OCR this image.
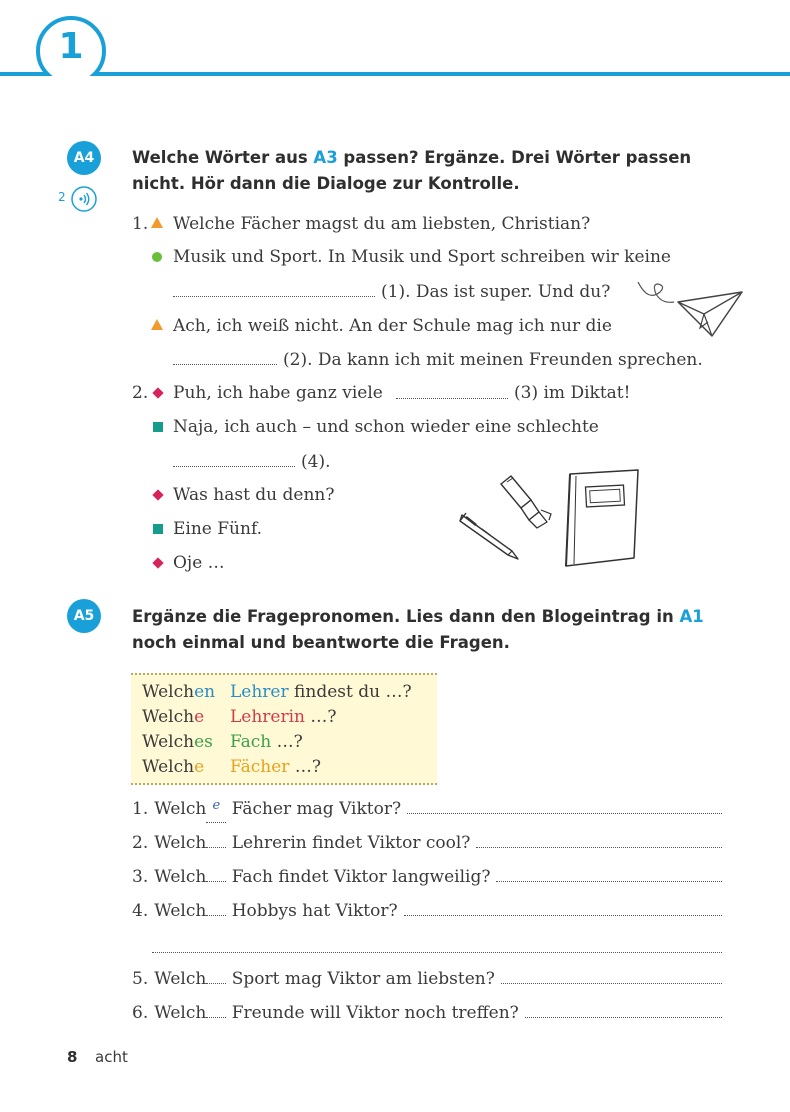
1
A4
2
Welche Wörter aus A3 passen? Ergänze. Drei Wörter passen
nicht. Hör dann die Dialoge zur Kontrolle.
1. Welche Fächer magst du am liebsten, Christian?
Musik und Sport. In Musik und Sport schreiben wir keine
(1). Das ist super. Und du?
Ach, ich weiß nicht. An der Schule mag ich nur die
(2). Da kann ich mit meinen Freunden sprechen.
2. Puh, ich habe ganz viele	(3) im Diktat!
Naja, ich auch – und schon wieder eine schlechte
(4).
Was hast du denn?
Eine Fünf.
Oje …
A5	Ergänze die Fragepronomen. Lies dann den Blogeintrag in A1
noch einmal und beantworte die Fragen.
Welchen Lehrer findest du …?
Welche Lehrerin …?
Welches Fach …?
Welche Fächer …?
1. Welch $^e$ Fächer mag Viktor?
2. Welch Lehrerin findet Viktor cool?
3. Welch Fach findet Viktor langweilig?
4. Welch Hobbys hat Viktor?
5. Welch Sport mag Viktor am liebsten?
6. Welch Freunde will Viktor noch treffen?
8 acht
